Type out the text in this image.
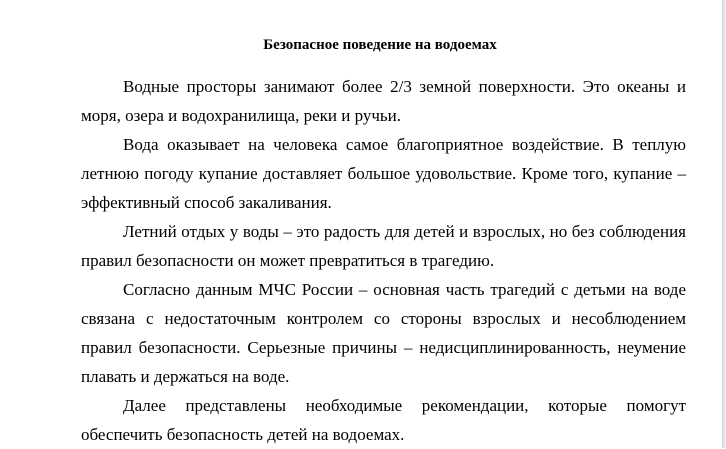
Безопасное поведение на водоемах

Водные просторы занимают более 2/3 земной поверхности. Это океаны и моря, озера и водохранилища, реки и ручьи.

Вода оказывает на человека самое благоприятное воздействие. В теплую летнюю погоду купание доставляет большое удовольствие. Кроме того, купание – эффективный способ закаливания.

Летний отдых у воды – это радость для детей и взрослых, но без соблюдения правил безопасности он может превратиться в трагедию.

Согласно данным МЧС России – основная часть трагедий с детьми на воде связана с недостаточным контролем со стороны взрослых и несоблюдением правил безопасности. Серьезные причины – недисциплинированность, неумение плавать и держаться на воде.

Далее представлены необходимые рекомендации, которые помогут обеспечить безопасность детей на водоемах.
